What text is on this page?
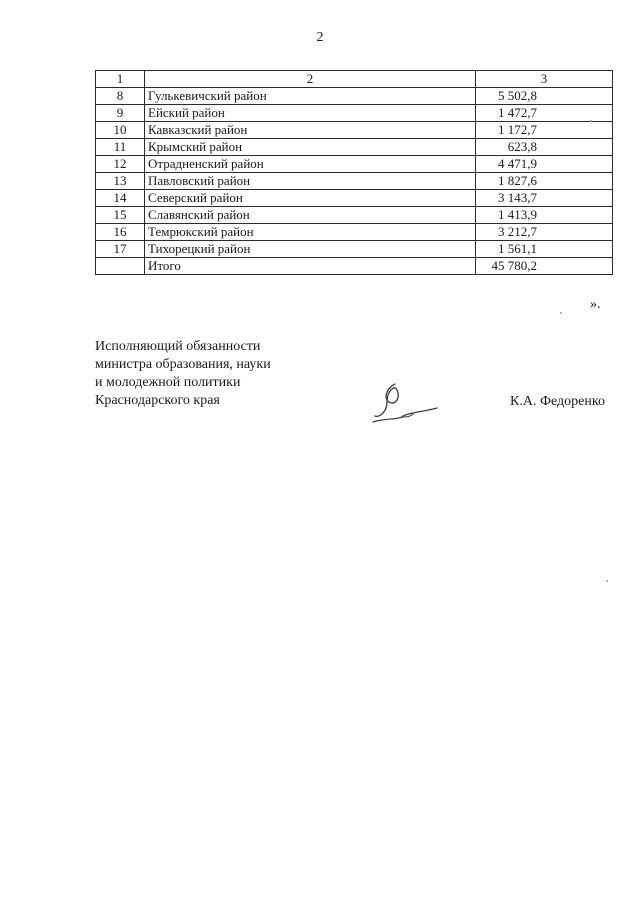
2
1	2	3
8	Гулькевичский район	5 502,8
9	Ейский район	1 472,7
10	Кавказский район	1 172,7
11	Крымский район	623,8
12	Отрадненский район	4 471,9
13	Павловский район	1 827,6
14	Северский район	3 143,7
15	Славянский район	1 413,9
16	Темрюкский район	3 212,7
17	Тихорецкий район	1 561,1
	Итого	45 780,2
».
Исполняющий обязанности
министра образования, науки
и молодежной политики
Краснодарского края	К.А. Федоренко
